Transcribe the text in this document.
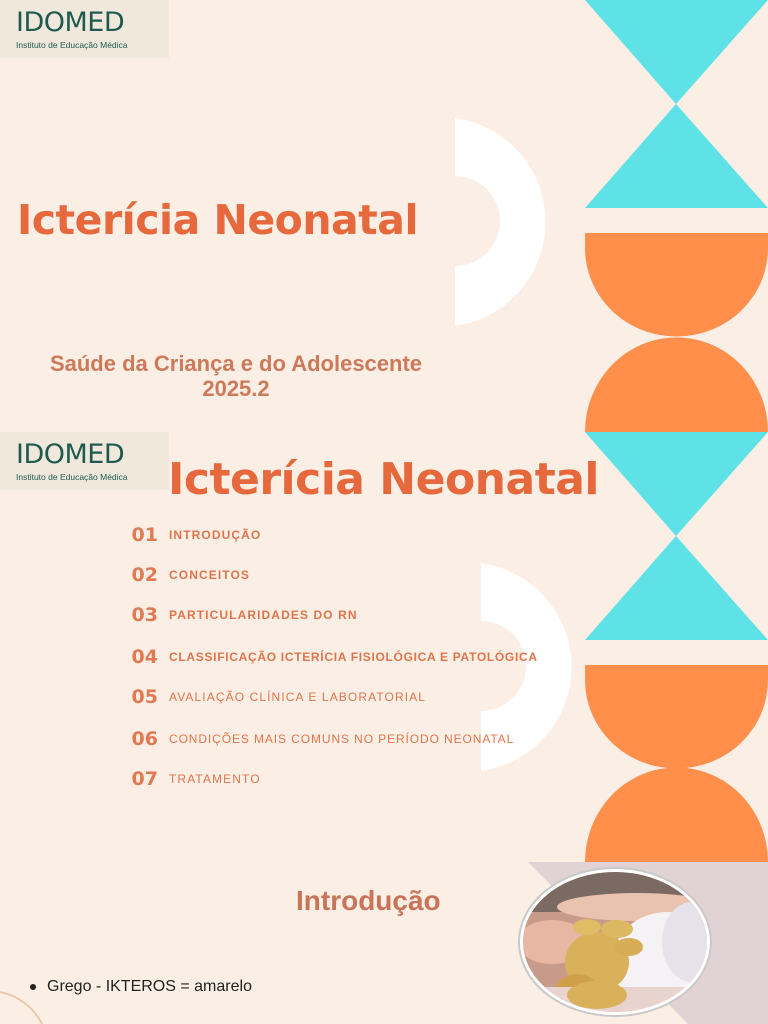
IDOMED
Instituto de Educação Médica
Icterícia Neonatal
Saúde da Criança e do Adolescente
2025.2
IDOMED
Instituto de Educação Médica Icterícia Neonatal
01 INTRODUÇÃO
02 CONCEITOS
03 PARTICULARIDADES DO RN
04 CLASSIFICAÇÃO ICTERÍCIA FISIOLÓGICA E PATOLÓGICA
05 AVALIAÇÃO CLÍNICA E LABORATORIAL
06 CONDIÇÕES MAIS COMUNS NO PERÍODO NEONATAL
07 TRATAMENTO
Introdução
Grego - IKTEROS = amarelo
